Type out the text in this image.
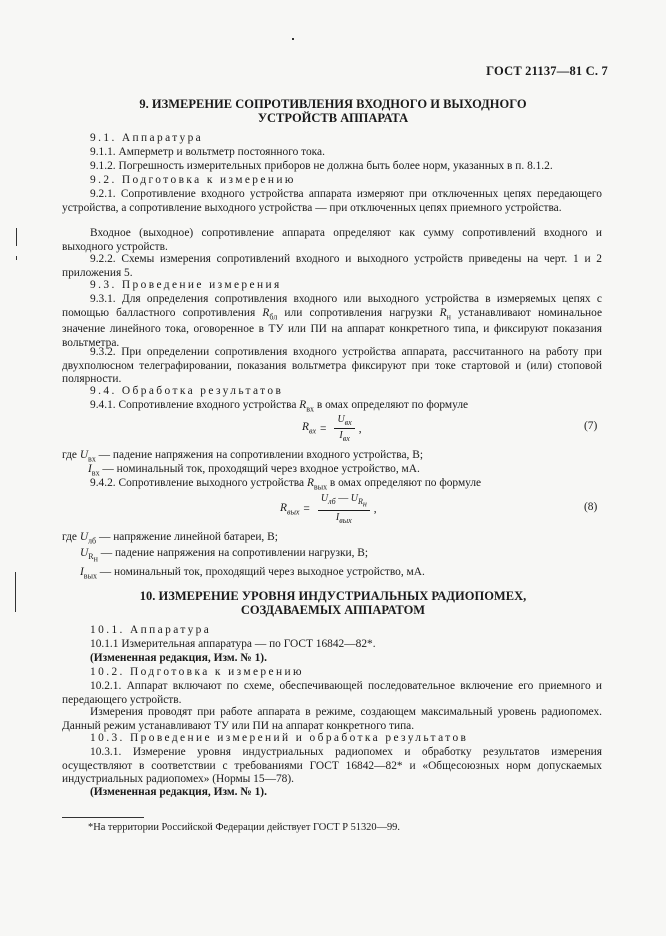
ГОСТ 21137—81 С. 7
9. ИЗМЕРЕНИЕ СОПРОТИВЛЕНИЯ ВХОДНОГО И ВЫХОДНОГО
УСТРОЙСТВ АППАРАТА
9.1. Аппаратура
9.1.1. Амперметр и вольтметр постоянного тока.
9.1.2. Погрешность измерительных приборов не должна быть более норм, указанных в п. 8.1.2.
9.2. Подготовка к измерению
9.2.1. Сопротивление входного устройства аппарата измеряют при отключенных цепях передающего устройства, а сопротивление выходного устройства — при отключенных цепях приемного устройства.
Входное (выходное) сопротивление аппарата определяют как сумму сопротивлений входного и выходного устройств.
9.2.2. Схемы измерения сопротивлений входного и выходного устройств приведены на черт. 1 и 2 приложения 5.
9.3. Проведение измерения
9.3.1. Для определения сопротивления входного или выходного устройства в измеряемых цепях с помощью балластного сопротивления $R_{бл}$ или сопротивления нагрузки $R_н$ устанавливают номинальное значение линейного тока, оговоренное в ТУ или ПИ на аппарат конкретного типа, и фиксируют показания вольтметра.
9.3.2. При определении сопротивления входного устройства аппарата, рассчитанного на работу при двухполюсном телеграфировании, показания вольтметра фиксируют при токе стартовой и (или) стоповой полярности.
9.4. Обработка результатов
9.4.1. Сопротивление входного устройства $R_{вх}$ в омах определяют по формуле
$R_{вх} = \frac{U_{вх}}{I_{вх}}$ ,	(7)
где $U_{вх}$ — падение напряжения на сопротивлении входного устройства, В;
$I_{вх}$ — номинальный ток, проходящий через входное устройство, мА.
9.4.2. Сопротивление выходного устройства $R_{вых}$ в омах определяют по формуле
$R_{вых} = \frac{U_{лб} — U_{R_н}}{I_{вых}}$ ,	(8)
где $U_{лб}$ — напряжение линейной батареи, В;
$U_{R_н}$ — падение напряжения на сопротивлении нагрузки, В;
$I_{вых}$ — номинальный ток, проходящий через выходное устройство, мА.
10. ИЗМЕРЕНИЕ УРОВНЯ ИНДУСТРИАЛЬНЫХ РАДИОПОМЕХ,
СОЗДАВАЕМЫХ АППАРАТОМ
10.1. Аппаратура
10.1.1 Измерительная аппаратура — по ГОСТ 16842—82*.
(Измененная редакция, Изм. № 1).
10.2. Подготовка к измерению
10.2.1. Аппарат включают по схеме, обеспечивающей последовательное включение его приемного и передающего устройств.
Измерения проводят при работе аппарата в режиме, создающем максимальный уровень радиопомех. Данный режим устанавливают ТУ или ПИ на аппарат конкретного типа.
10.3. Проведение измерений и обработка результатов
10.3.1. Измерение уровня индустриальных радиопомех и обработку результатов измерения осуществляют в соответствии с требованиями ГОСТ 16842—82* и «Общесоюзных норм допускаемых индустриальных радиопомех» (Нормы 15—78).
(Измененная редакция, Изм. № 1).
*На территории Российской Федерации действует ГОСТ Р 51320—99.
